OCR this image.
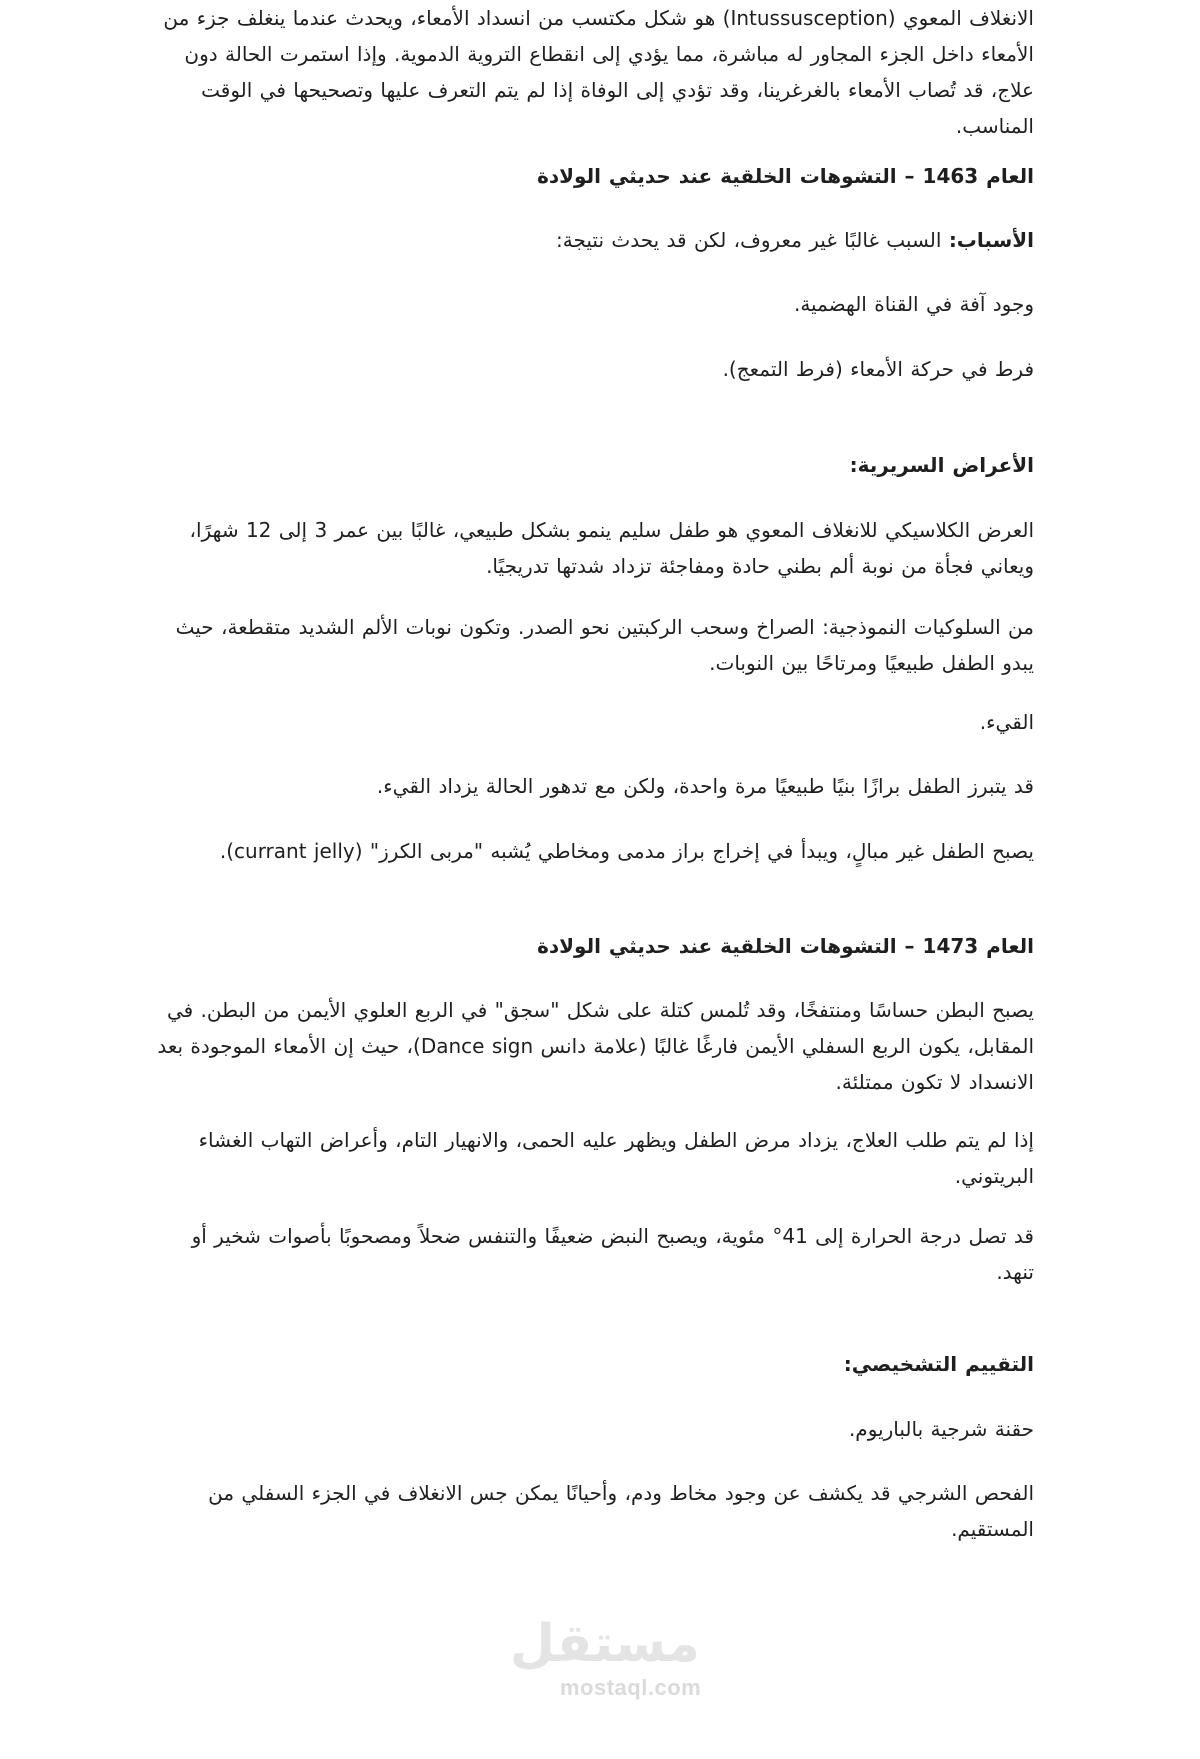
الانغلاف المعوي (Intussusception) هو شكل مكتسب من انسداد الأمعاء، ويحدث عندما ينغلف جزء من الأمعاء داخل الجزء المجاور له مباشرة، مما يؤدي إلى انقطاع التروية الدموية. وإذا استمرت الحالة دون علاج، قد تُصاب الأمعاء بالغرغرينا، وقد تؤدي إلى الوفاة إذا لم يتم التعرف عليها وتصحيحها في الوقت المناسب.

العام 1463 – التشوهات الخلقية عند حديثي الولادة

الأسباب: السبب غالبًا غير معروف، لكن قد يحدث نتيجة:

وجود آفة في القناة الهضمية.

فرط في حركة الأمعاء (فرط التمعج).

الأعراض السريرية:

العرض الكلاسيكي للانغلاف المعوي هو طفل سليم ينمو بشكل طبيعي، غالبًا بين عمر 3 إلى 12 شهرًا، ويعاني فجأة من نوبة ألم بطني حادة ومفاجئة تزداد شدتها تدريجيًا.

من السلوكيات النموذجية: الصراخ وسحب الركبتين نحو الصدر. وتكون نوبات الألم الشديد متقطعة، حيث يبدو الطفل طبيعيًا ومرتاحًا بين النوبات.

القيء.

قد يتبرز الطفل برازًا بنيًا طبيعيًا مرة واحدة، ولكن مع تدهور الحالة يزداد القيء.

يصبح الطفل غير مبالٍ، ويبدأ في إخراج براز مدمى ومخاطي يُشبه "مربى الكرز" (currant jelly).

العام 1473 – التشوهات الخلقية عند حديثي الولادة

يصبح البطن حساسًا ومنتفخًا، وقد تُلمس كتلة على شكل "سجق" في الربع العلوي الأيمن من البطن. في المقابل، يكون الربع السفلي الأيمن فارغًا غالبًا (علامة دانس Dance sign)، حيث إن الأمعاء الموجودة بعد الانسداد لا تكون ممتلئة.

إذا لم يتم طلب العلاج، يزداد مرض الطفل ويظهر عليه الحمى، والانهيار التام، وأعراض التهاب الغشاء البريتوني.

قد تصل درجة الحرارة إلى 41° مئوية، ويصبح النبض ضعيفًا والتنفس ضحلاً ومصحوبًا بأصوات شخير أو تنهد.

التقييم التشخيصي:

حقنة شرجية بالباريوم.

الفحص الشرجي قد يكشف عن وجود مخاط ودم، وأحيانًا يمكن جس الانغلاف في الجزء السفلي من المستقيم.

مستقل
mostaql.com
